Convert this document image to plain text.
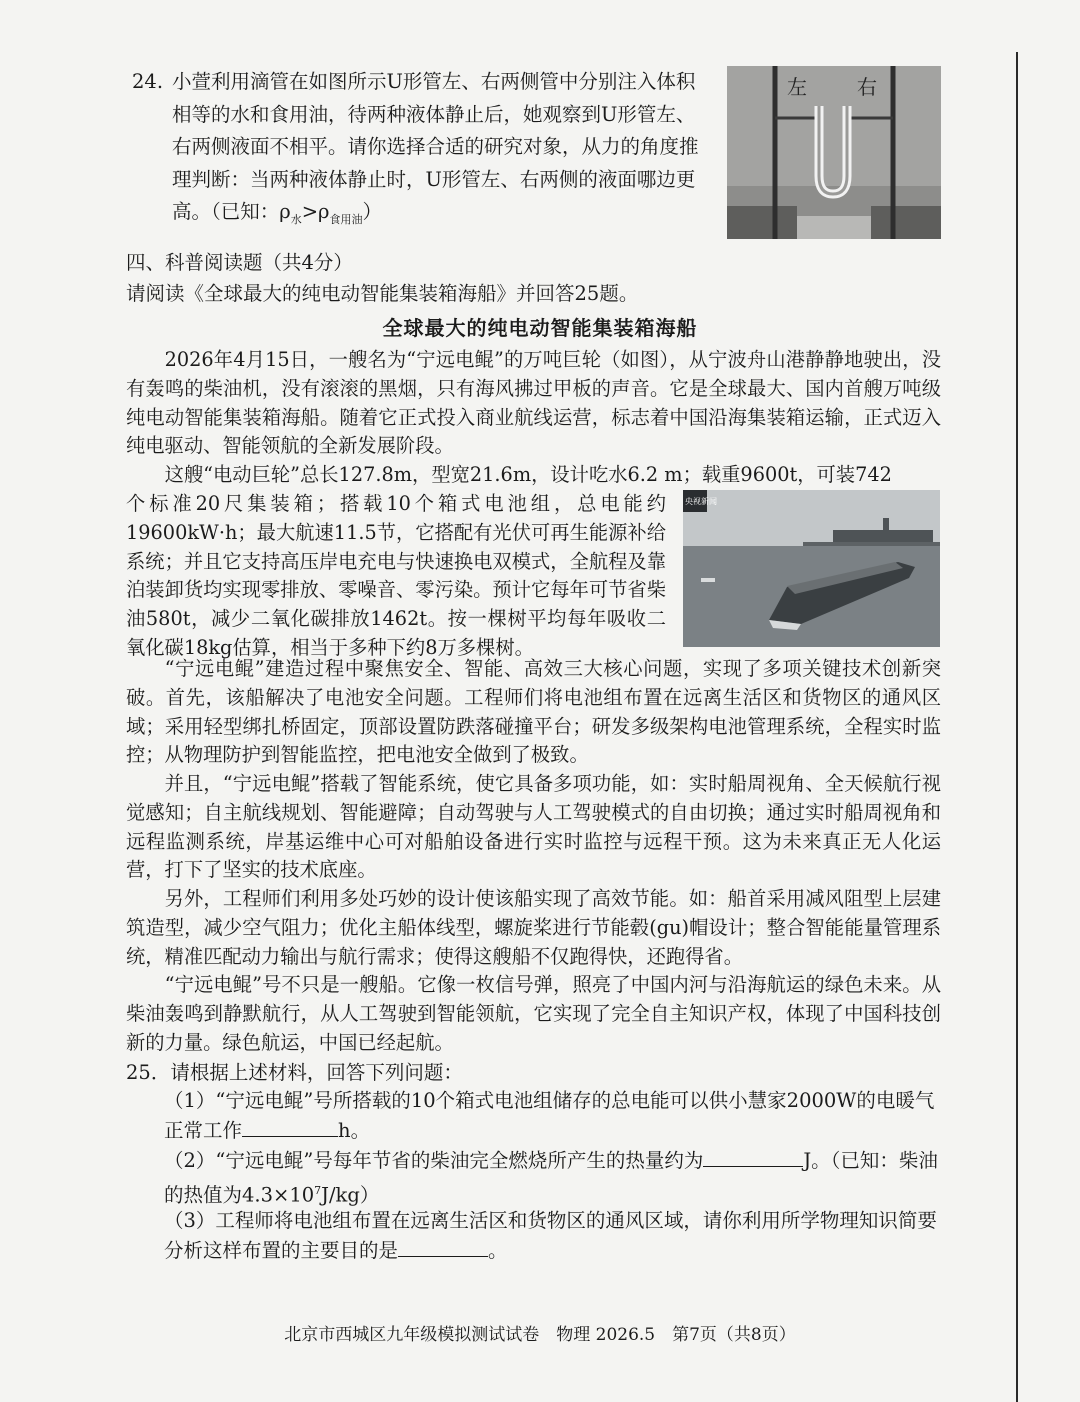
24. 小萱利用滴管在如图所示U形管左、右两侧管中分别注入体积相等的水和食用油，待两种液体静止后，她观察到U形管左、右两侧液面不相平。请你选择合适的研究对象，从力的角度推理判断：当两种液体静止时，U形管左、右两侧的液面哪边更高。（已知：$\rho_水>\rho_{食用油}$）
左	右
四、科普阅读题（共4分）
请阅读《全球最大的纯电动智能集装箱海船》并回答25题。
全球最大的纯电动智能集装箱海船

2026年4月15日，一艘名为“宁远电鲲”的万吨巨轮（如图），从宁波舟山港静静地驶出，没有轰鸣的柴油机，没有滚滚的黑烟，只有海风拂过甲板的声音。它是全球最大、国内首艘万吨级纯电动智能集装箱海船。随着它正式投入商业航线运营，标志着中国沿海集装箱运输，正式迈入纯电驱动、智能领航的全新发展阶段。

这艘“电动巨轮”总长127.8m，型宽21.6m，设计吃水6.2 m；载重9600t，可装742

个标准20尺集装箱；搭载10个箱式电池组，总电能约19600kW·h；最大航速11.5节，它搭配有光伏可再生能源补给系统；并且它支持高压岸电充电与快速换电双模式，全航程及靠泊装卸货均实现零排放、零噪音、零污染。预计它每年可节省柴油580t，减少二氧化碳排放1462t。按一棵树平均每年吸收二氧化碳18kg估算，相当于多种下约8万多棵树。

央视新闻

“宁远电鲲”建造过程中聚焦安全、智能、高效三大核心问题，实现了多项关键技术创新突破。首先，该船解决了电池安全问题。工程师们将电池组布置在远离生活区和货物区的通风区域；采用轻型绑扎桥固定，顶部设置防跌落碰撞平台；研发多级架构电池管理系统，全程实时监控；从物理防护到智能监控，把电池安全做到了极致。

并且，“宁远电鲲”搭载了智能系统，使它具备多项功能，如：实时船周视角、全天候航行视觉感知；自主航线规划、智能避障；自动驾驶与人工驾驶模式的自由切换；通过实时船周视角和远程监测系统，岸基运维中心可对船舶设备进行实时监控与远程干预。这为未来真正无人化运营，打下了坚实的技术底座。

另外，工程师们利用多处巧妙的设计使该船实现了高效节能。如：船首采用减风阻型上层建筑造型，减少空气阻力；优化主船体线型，螺旋桨进行节能毂(gu)帽设计；整合智能能量管理系统，精准匹配动力输出与航行需求；使得这艘船不仅跑得快，还跑得省。

“宁远电鲲”号不只是一艘船。它像一枚信号弹，照亮了中国内河与沿海航运的绿色未来。从柴油轰鸣到静默航行，从人工驾驶到智能领航，它实现了完全自主知识产权，体现了中国科技创新的力量。绿色航运，中国已经起航。

25．请根据上述材料，回答下列问题：
（1）“宁远电鲲”号所搭载的10个箱式电池组储存的总电能可以供小慧家2000W的电暖气正常工作	h。
（2）“宁远电鲲”号每年节省的柴油完全燃烧所产生的热量约为	J。（已知：柴油的热值为$4.3\times 10^7J/kg$）
（3）工程师将电池组布置在远离生活区和货物区的通风区域，请你利用所学物理知识简要分析这样布置的主要目的是	。
北京市西城区九年级模拟测试试卷　物理 2026.5　第7页（共8页）
